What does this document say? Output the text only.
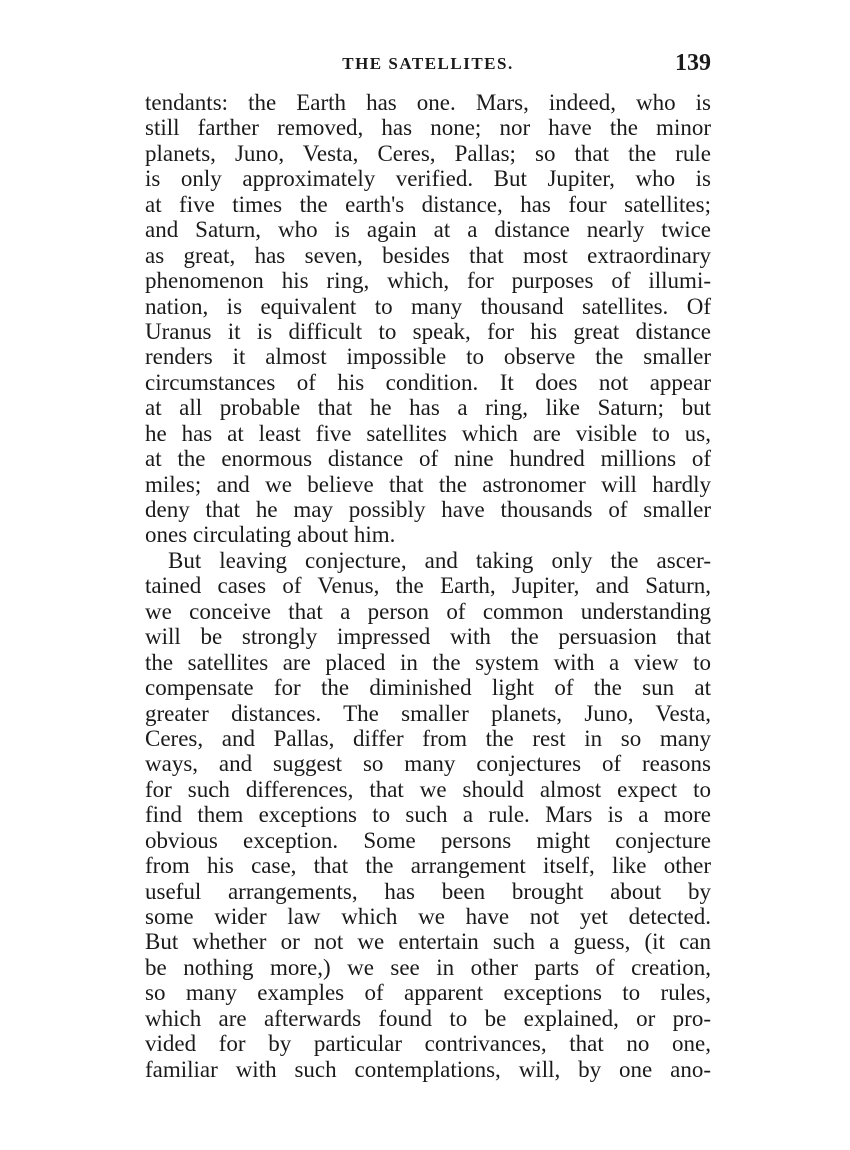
THE SATELLITES.	139
tendants: the Earth has one. Mars, indeed, who is
still farther removed, has none; nor have the minor
planets, Juno, Vesta, Ceres, Pallas; so that the rule
is only approximately verified. But Jupiter, who is
at five times the earth's distance, has four satellites;
and Saturn, who is again at a distance nearly twice
as great, has seven, besides that most extraordinary
phenomenon his ring, which, for purposes of illumi-
nation, is equivalent to many thousand satellites. Of
Uranus it is difficult to speak, for his great distance
renders it almost impossible to observe the smaller
circumstances of his condition. It does not appear
at all probable that he has a ring, like Saturn; but
he has at least five satellites which are visible to us,
at the enormous distance of nine hundred millions of
miles; and we believe that the astronomer will hardly
deny that he may possibly have thousands of smaller
ones circulating about him.
But leaving conjecture, and taking only the ascer-
tained cases of Venus, the Earth, Jupiter, and Saturn,
we conceive that a person of common understanding
will be strongly impressed with the persuasion that
the satellites are placed in the system with a view to
compensate for the diminished light of the sun at
greater distances. The smaller planets, Juno, Vesta,
Ceres, and Pallas, differ from the rest in so many
ways, and suggest so many conjectures of reasons
for such differences, that we should almost expect to
find them exceptions to such a rule. Mars is a more
obvious exception. Some persons might conjecture
from his case, that the arrangement itself, like other
useful arrangements, has been brought about by
some wider law which we have not yet detected.
But whether or not we entertain such a guess, (it can
be nothing more,) we see in other parts of creation,
so many examples of apparent exceptions to rules,
which are afterwards found to be explained, or pro-
vided for by particular contrivances, that no one,
familiar with such contemplations, will, by one ano-
